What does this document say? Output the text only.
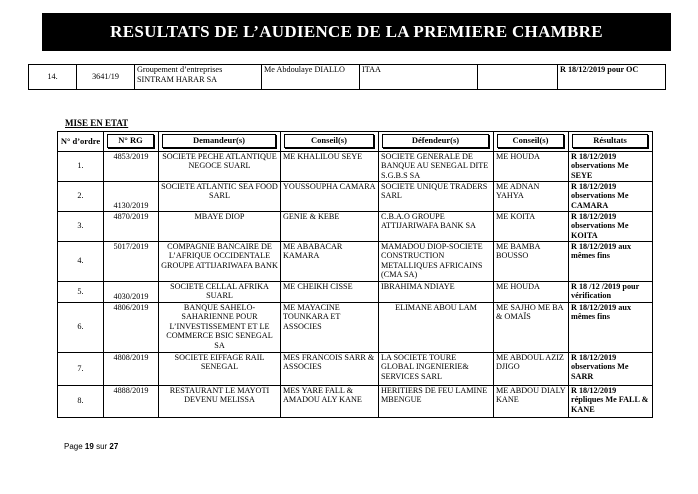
RESULTATS DE L’AUDIENCE DE LA PREMIERE CHAMBRE
14.	3641/19	Groupement d’entreprises SINTRAM HARAR SA	Me Abdoulaye DIALLO	ITAA		R 18/12/2019 pour OC
MISE EN ETAT
N° d’ordre	N° RG	Demandeur(s)	Conseil(s)	Défendeur(s)	Conseil(s)	Résultats

1.	4853/2019	SOCIETE PECHE ATLANTIQUE NEGOCE SUARL	ME KHALILOU SEYE	SOCIETE GENERALE DE BANQUE AU SENEGAL DITE S.G.B.S SA	ME HOUDA	R 18/12/2019 observations Me SEYE
2.	4130/2019	SOCIETE ATLANTIC SEA FOOD SARL	YOUSSOUPHA CAMARA	SOCIETE UNIQUE TRADERS SARL	ME ADNAN YAHYA	R 18/12/2019 observations Me CAMARA
3.	4870/2019	MBAYE DIOP	GENIE & KEBE	C.B.A.O GROUPE ATTIJARIWAFA BANK SA	ME KOITA	R 18/12/2019 observations Me KOITA
4.	5017/2019	COMPAGNIE BANCAIRE DE L’AFRIQUE OCCIDENTALE GROUPE ATTIJARIWAFA BANK	ME ABABACAR KAMARA	MAMADOU DIOP-SOCIETE CONSTRUCTION METALLIQUES AFRICAINS (CMA SA)	ME BAMBA BOUSSO	R 18/12/2019 aux mêmes fins
5.	4030/2019	SOCIETE CELLAL AFRIKA SUARL	ME CHEIKH CISSE	IBRAHIMA NDIAYE	ME HOUDA	R 18 /12 /2019 pour vérification
6.	4806/2019	BANQUE SAHELO-SAHARIENNE POUR L’INVESTISSEMENT ET LE COMMERCE BSIC SENEGAL SA	ME MAYACINE TOUNKARA ET ASSOCIES	ELIMANE ABOU LAM	ME SAJHO ME BA & OMAÏS	R 18/12/2019 aux mêmes fins
7.	4808/2019	SOCIETE EIFFAGE RAIL SENEGAL	MES FRANCOIS SARR & ASSOCIES	LA SOCIETE TOURE GLOBAL INGENIERIE& SERVICES SARL	ME ABDOUL AZIZ DJIGO	R 18/12/2019 observations Me SARR
8.	4888/2019	RESTAURANT LE MAYOTI DEVENU MELISSA	MES YARE FALL & AMADOU ALY KANE	HERITIERS DE FEU LAMINE MBENGUE	ME ABDOU DIALY KANE	R 18/12/2019 répliques Me FALL & KANE
Page 19 sur 27
